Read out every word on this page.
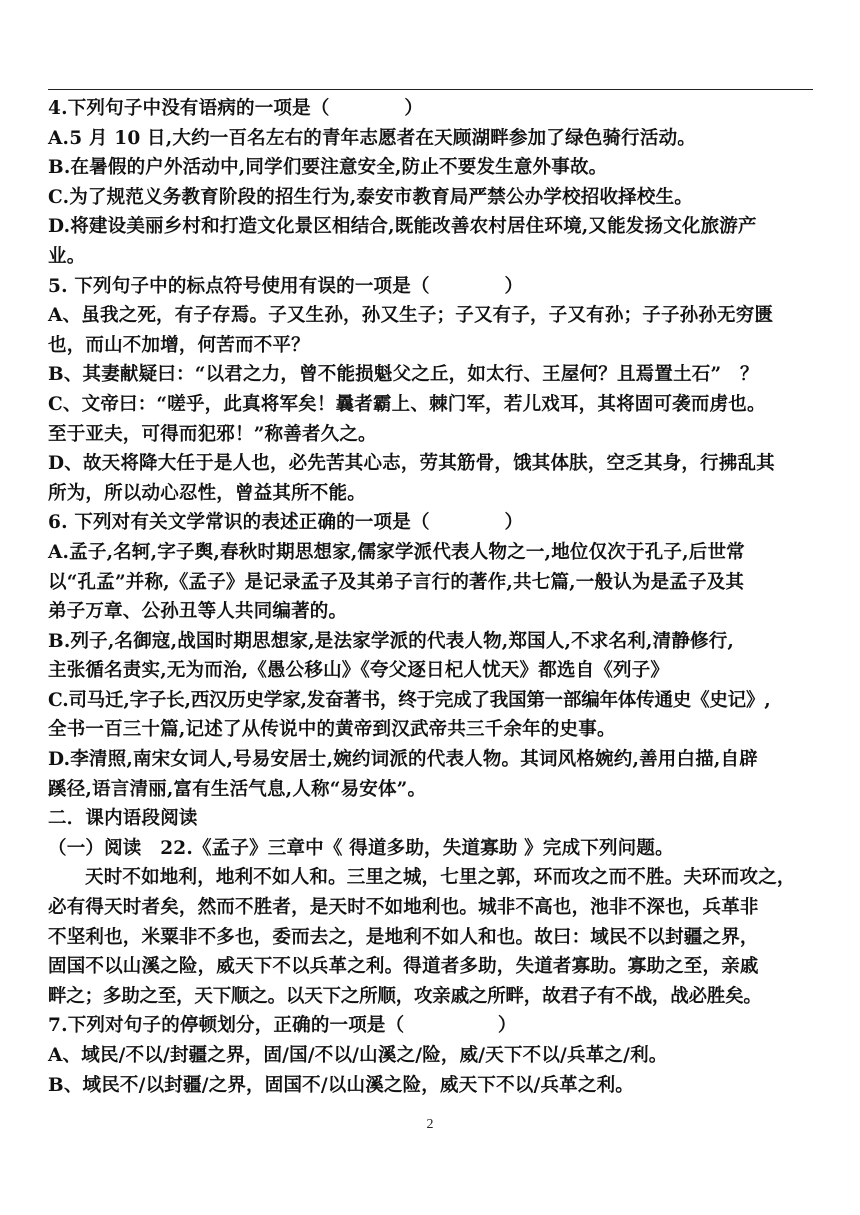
4.下列句子中没有语病的一项是（　　　　）
A.5 月 10 日,大约一百名左右的青年志愿者在天顾湖畔参加了绿色骑行活动。
B.在暑假的户外活动中,同学们要注意安全,防止不要发生意外事故。
C.为了规范义务教育阶段的招生行为,泰安市教育局严禁公办学校招收择校生。
D.将建设美丽乡村和打造文化景区相结合,既能改善农村居住环境,又能发扬文化旅游产
业。
5. 下列句子中的标点符号使用有误的一项是（　　　　）
A、虽我之死，有子存焉。子又生孙，孙又生子；子又有子，子又有孙；子子孙孙无穷匮
也，而山不加增，何苦而不平？
B、其妻献疑曰：“以君之力，曾不能损魁父之丘，如太行、王屋何？且焉置土石”　？
C、文帝曰：“嗟乎，此真将军矣！曩者霸上、棘门军，若儿戏耳，其将固可袭而虏也。
至于亚夫，可得而犯邪！”称善者久之。
D、故天将降大任于是人也，必先苦其心志，劳其筋骨，饿其体肤，空乏其身，行拂乱其
所为，所以动心忍性，曾益其所不能。
6. 下列对有关文学常识的表述正确的一项是（　　　　）
A.孟子,名轲,字子舆,春秋时期思想家,儒家学派代表人物之一,地位仅次于孔子,后世常
以“孔孟”并称,《孟子》是记录孟子及其弟子言行的著作,共七篇,一般认为是孟子及其
弟子万章、公孙丑等人共同编著的。
B.列子,名御寇,战国时期思想家,是法家学派的代表人物,郑国人,不求名利,清静修行,
主张循名责实,无为而治,《愚公移山》《夸父逐日杞人忧天》都选自《列子》
C.司马迁,字子长,西汉历史学家,发奋著书，终于完成了我国第一部编年体传通史《史记》,
全书一百三十篇,记述了从传说中的黄帝到汉武帝共三千余年的史事。
D.李清照,南宋女词人,号易安居士,婉约词派的代表人物。其词风格婉约,善用白描,自辟
蹊径,语言清丽,富有生活气息,人称“易安体”。
二．课内语段阅读
（一）阅读　22.《孟子》三章中《 得道多助，失道寡助 》完成下列问题。
天时不如地利，地利不如人和。三里之城，七里之郭，环而攻之而不胜。夫环而攻之，
必有得天时者矣，然而不胜者，是天时不如地利也。城非不高也，池非不深也，兵革非
不坚利也，米粟非不多也，委而去之，是地利不如人和也。故曰：域民不以封疆之界，
固国不以山溪之险，威天下不以兵革之利。得道者多助，失道者寡助。寡助之至，亲戚
畔之；多助之至，天下顺之。以天下之所顺，攻亲戚之所畔，故君子有不战，战必胜矣。
7.下列对句子的停顿划分，正确的一项是（　　　　　）
A、域民/不以/封疆之界，固/国/不以/山溪之/险，威/天下不以/兵革之/利。
B、域民不/以封疆/之界，固国不/以山溪之险，威天下不以/兵革之利。
2
